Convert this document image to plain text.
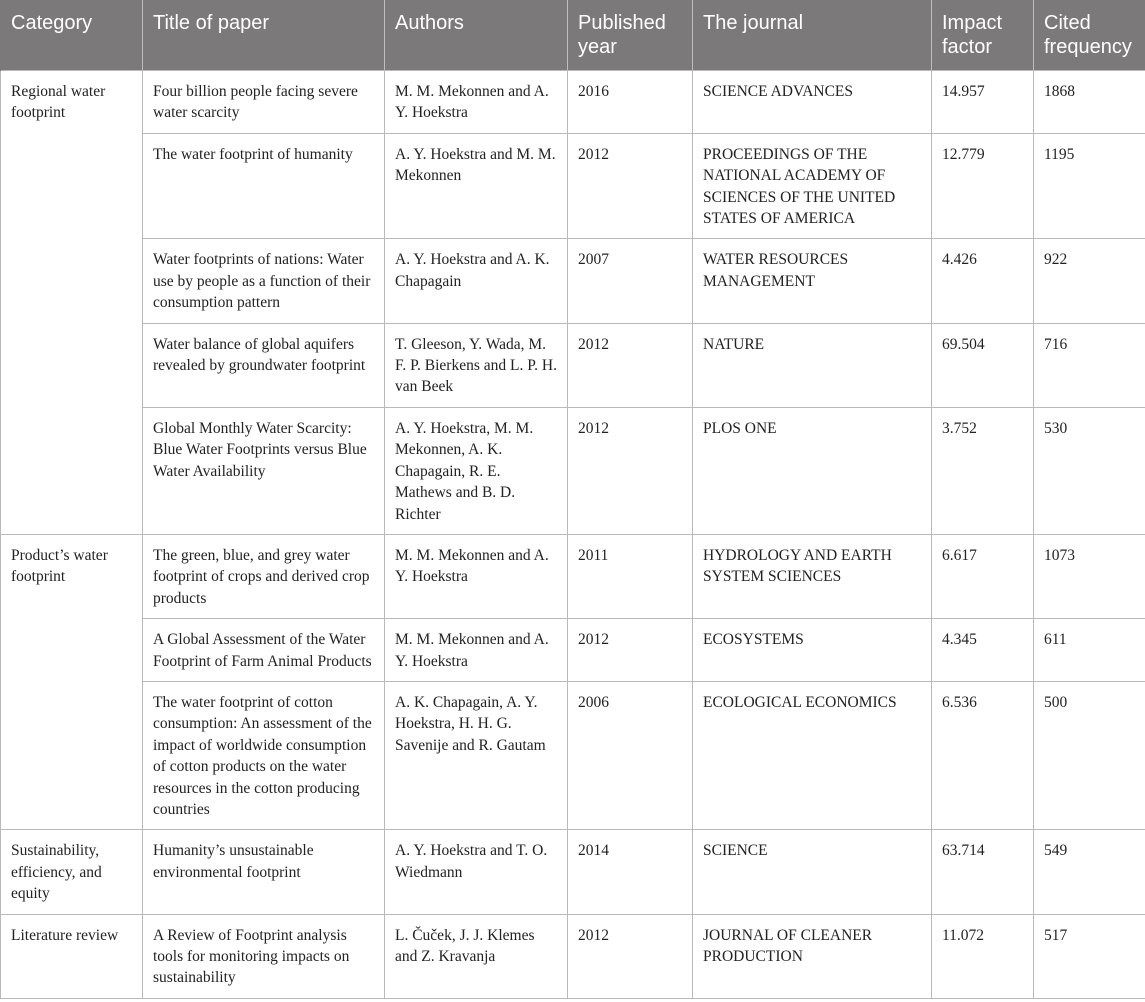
Category	Title of paper	Authors	Published year	The journal	Impact factor	Cited frequency
Regional water footprint	Four billion people facing severe water scarcity	M. M. Mekonnen and A. Y. Hoekstra	2016	SCIENCE ADVANCES	14.957	1868
	The water footprint of humanity	A. Y. Hoekstra and M. M. Mekonnen	2012	PROCEEDINGS OF THE NATIONAL ACADEMY OF SCIENCES OF THE UNITED STATES OF AMERICA	12.779	1195
	Water footprints of nations: Water use by people as a function of their consumption pattern	A. Y. Hoekstra and A. K. Chapagain	2007	WATER RESOURCES MANAGEMENT	4.426	922
	Water balance of global aquifers revealed by groundwater footprint	T. Gleeson, Y. Wada, M. F. P. Bierkens and L. P. H. van Beek	2012	NATURE	69.504	716
	Global Monthly Water Scarcity: Blue Water Footprints versus Blue Water Availability	A. Y. Hoekstra, M. M. Mekonnen, A. K. Chapagain, R. E. Mathews and B. D. Richter	2012	PLOS ONE	3.752	530
Product’s water footprint	The green, blue, and grey water footprint of crops and derived crop products	M. M. Mekonnen and A. Y. Hoekstra	2011	HYDROLOGY AND EARTH SYSTEM SCIENCES	6.617	1073
	A Global Assessment of the Water Footprint of Farm Animal Products	M. M. Mekonnen and A. Y. Hoekstra	2012	ECOSYSTEMS	4.345	611
	The water footprint of cotton consumption: An assessment of the impact of worldwide consumption of cotton products on the water resources in the cotton producing countries	A. K. Chapagain, A. Y. Hoekstra, H. H. G. Savenije and R. Gautam	2006	ECOLOGICAL ECONOMICS	6.536	500
Sustainability, efficiency, and equity	Humanity’s unsustainable environmental footprint	A. Y. Hoekstra and T. O. Wiedmann	2014	SCIENCE	63.714	549
Literature review	A Review of Footprint analysis tools for monitoring impacts on sustainability	L. Čuček, J. J. Klemes and Z. Kravanja	2012	JOURNAL OF CLEANER PRODUCTION	11.072	517
